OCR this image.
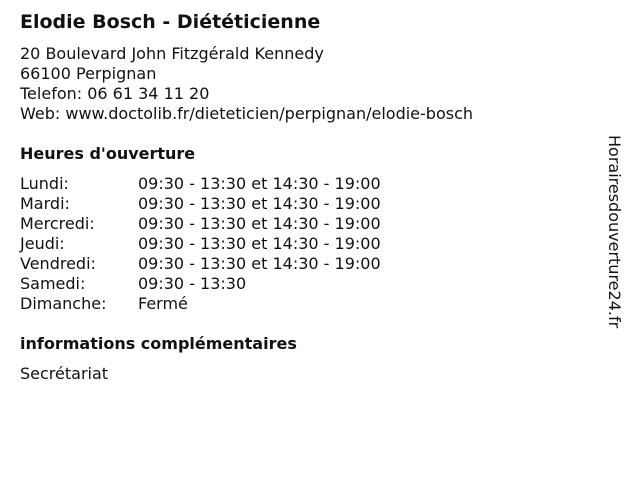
Elodie Bosch - Diététicienne
20 Boulevard John Fitzgérald Kennedy
66100 Perpignan
Telefon: 06 61 34 11 20
Web: www.doctolib.fr/dieteticien/perpignan/elodie-bosch
Heures d'ouverture
Lundi:	09:30 - 13:30 et 14:30 - 19:00
Mardi:	09:30 - 13:30 et 14:30 - 19:00
Mercredi:	09:30 - 13:30 et 14:30 - 19:00
Jeudi:	09:30 - 13:30 et 14:30 - 19:00
Vendredi:	09:30 - 13:30 et 14:30 - 19:00
Samedi:	09:30 - 13:30
Dimanche: Fermé
informations complémentaires
Secrétariat
Horairesdouverture24.fr
